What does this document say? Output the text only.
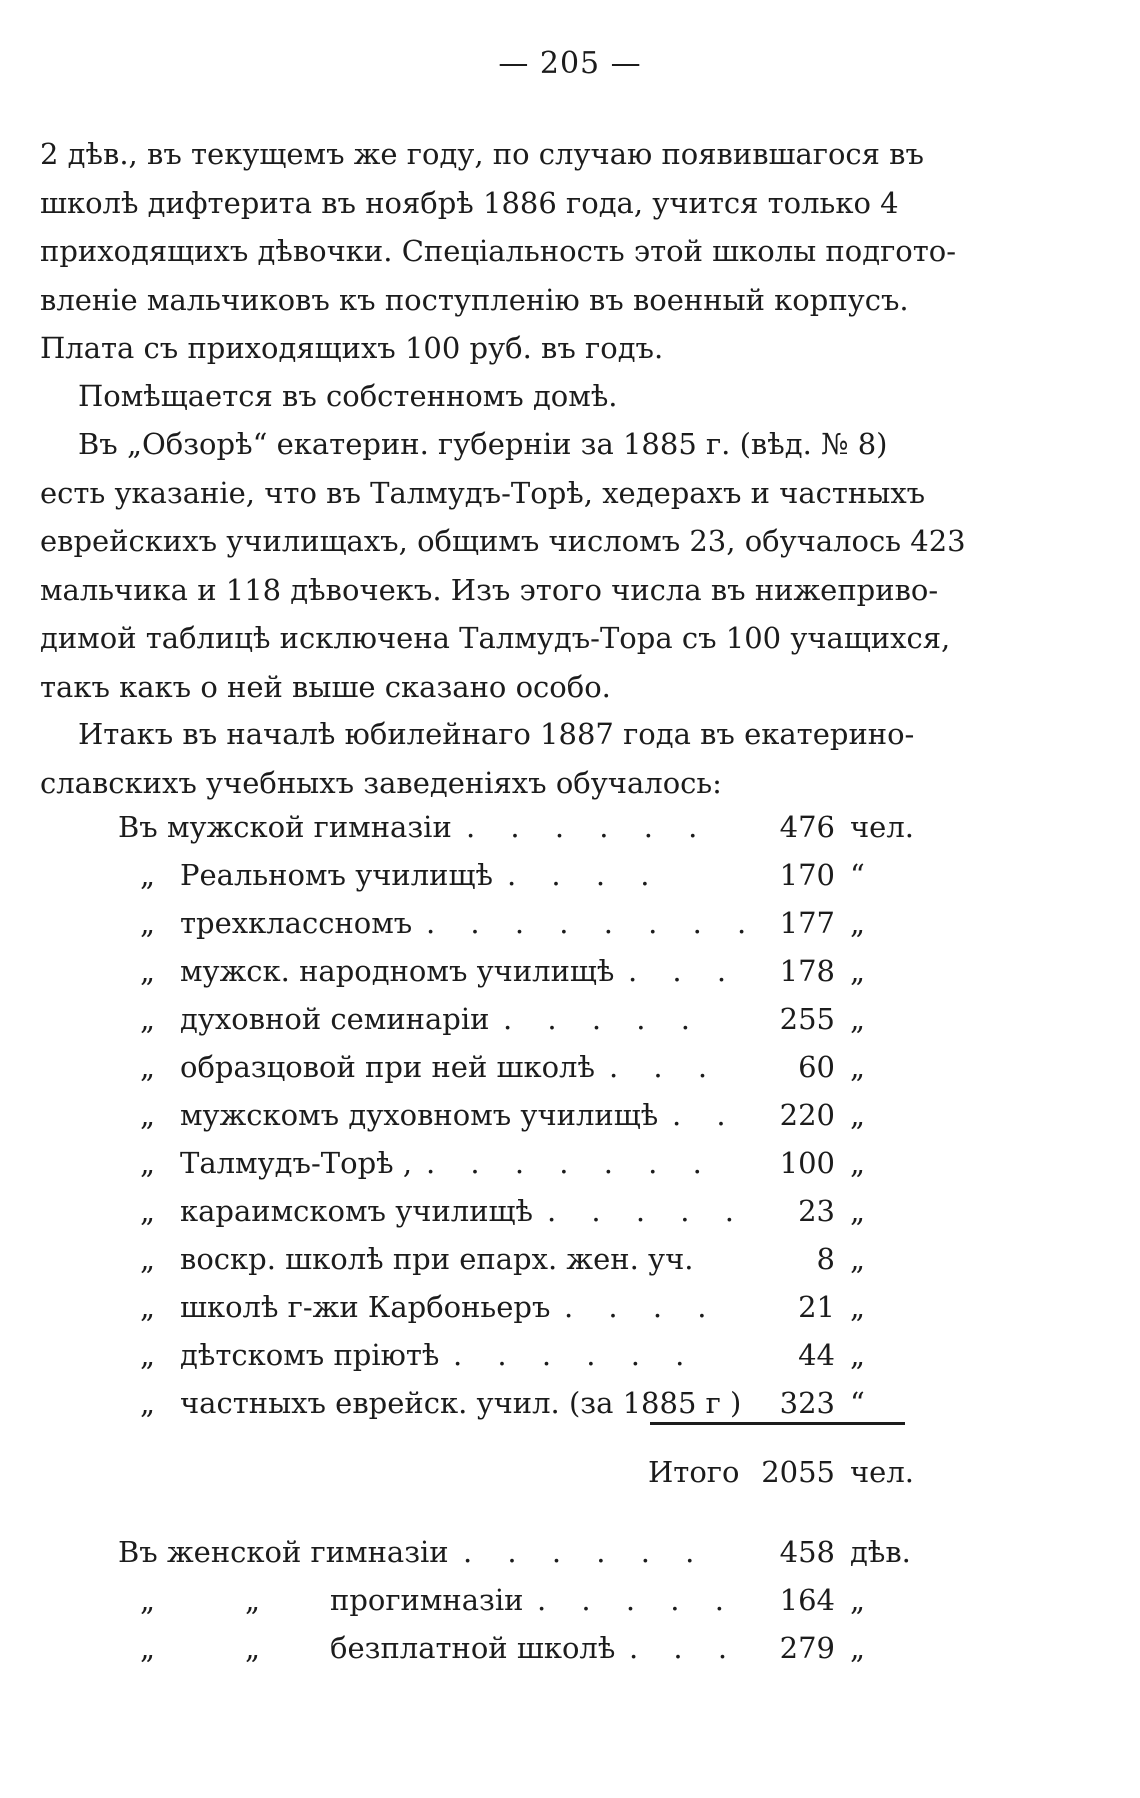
— 205 —
2 дѣв., въ текущемъ же году, по случаю появившагося въ
школѣ дифтерита въ ноябрѣ 1886 года, учится только 4
приходящихъ дѣвочки. Спеціальность этой школы подгото-
вленіе мальчиковъ къ поступленію въ военный корпусъ.
Плата съ приходящихъ 100 руб. въ годъ.
Помѣщается въ собстенномъ домѣ.
Въ „Обзорѣ“ екатерин. губерніи за 1885 г. (вѣд. № 8)
есть указаніе, что въ Талмудъ-Торѣ, хедерахъ и частныхъ
еврейскихъ училищахъ, общимъ числомъ 23, обучалось 423
мальчика и 118 дѣвочекъ. Изъ этого числа въ нижеприво-
димой таблицѣ исключена Талмудъ-Тора съ 100 учащихся,
такъ какъ о ней выше сказано особо.
Итакъ въ началѣ юбилейнаго 1887 года въ екатерино-
славскихъ учебныхъ заведеніяхъ обучалось:
Въ мужской гимназіи . . . . . .	476 чел.
„ Реальномъ училищѣ . . . .	170 “
„ трехклассномъ . . . . . . . . 177 „
„ мужск. народномъ училищѣ . . .	178 „
„ духовной семинаріи . . . . .	255 „
„ образцовой при ней школѣ . . .	60 „
„ мужскомъ духовномъ училищѣ . .	220 „
„ Талмудъ-Торѣ , . . . . . . .	100 „
„ караимскомъ училищѣ . . . . .	23 „
„ воскр. школѣ при епарх. жен. уч.	8 „
„ школѣ г-жи Карбоньеръ . . . .	21 „
„ дѣтскомъ пріютѣ . . . . . .	44 „
„ частныхъ еврейск. учил. (за 1885 г )	323 “
Итого 2055 чел.
Въ женской гимназіи . . . . . .	458 дѣв.
„	„ прогимназіи . . . . .	164 „
„	„ безплатной школѣ . . .	279 „
